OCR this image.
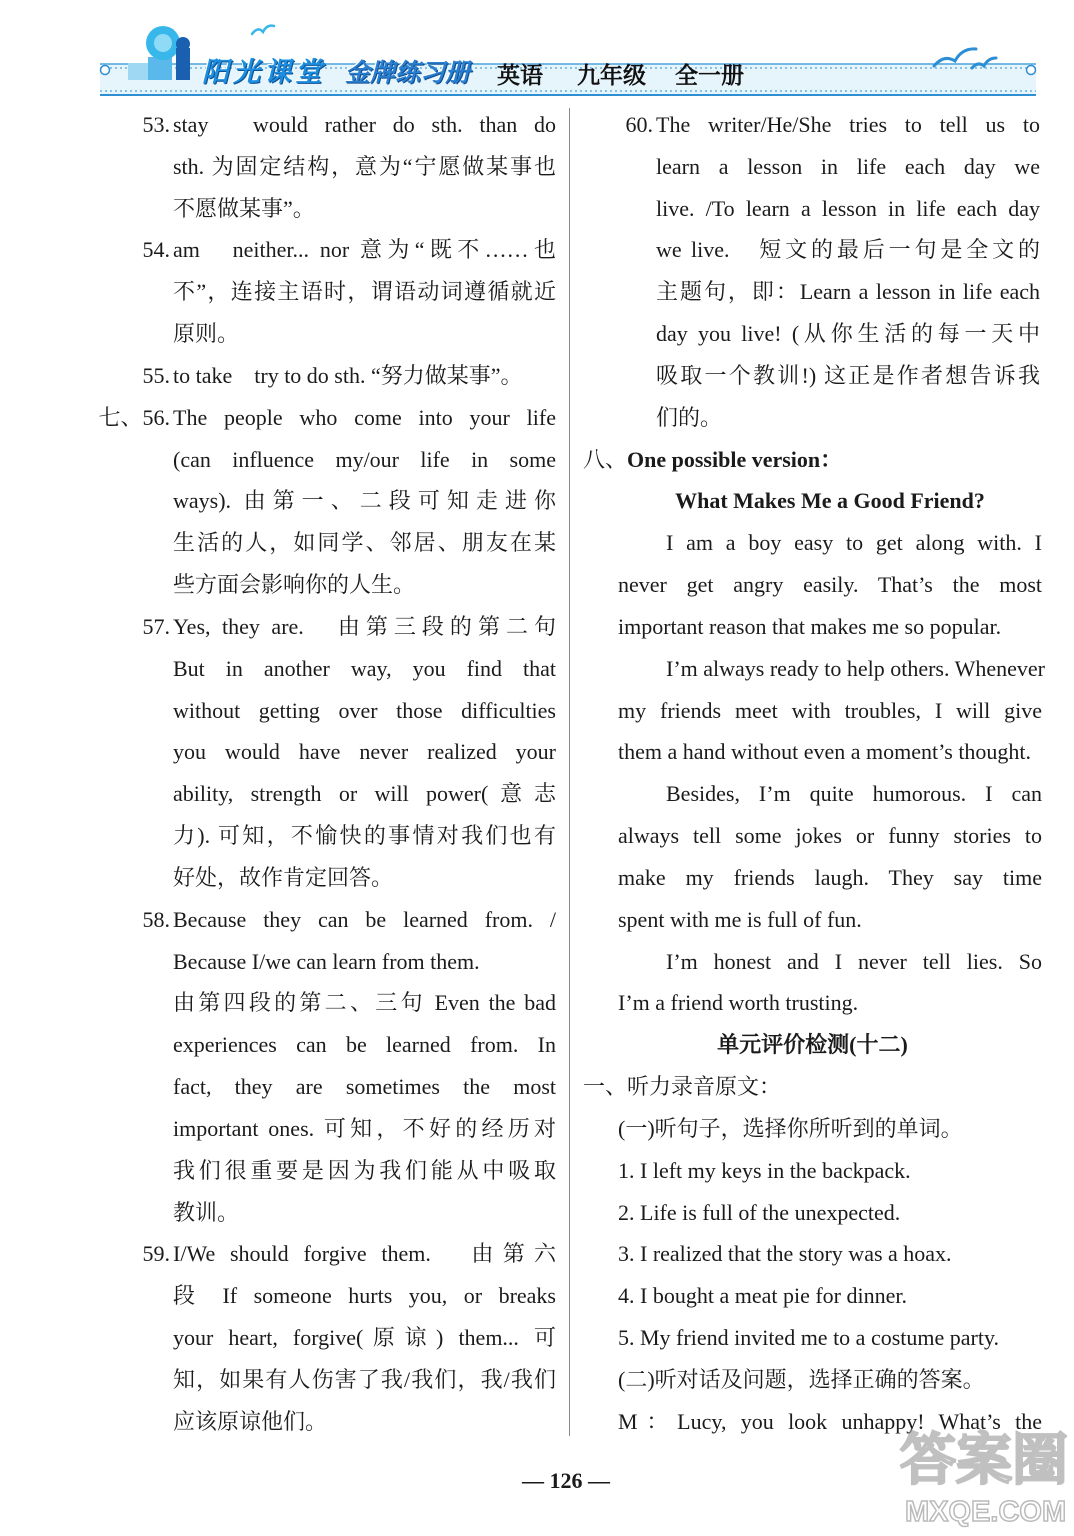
阳光课堂 金牌练习册 英语 九年级 全一册
53. stay　would rather do sth. than do
sth. 为固定结构，意为“宁愿做某事也
不愿做某事”。
54. am　neither... nor 意为“既不……也
不”，连接主语时，谓语动词遵循就近
原则。
55. to take　try to do sth. “努力做某事”。
七、56. The people who come into your life
(can influence my/our life in some
ways). 由第一、二段可知走进你
生活的人，如同学、邻居、朋友在某
些方面会影响你的人生。
57. Yes, they are.　由第三段的第二句
But in another way, you find that
without getting over those difficulties
you would have never realized your
ability, strength or will power(意志
力). 可知，不愉快的事情对我们也有
好处，故作肯定回答。
58. Because they can be learned from. /
Because I/we can learn from them.
由第四段的第二、三句 Even the bad
experiences can be learned from. In
fact, they are sometimes the most
important ones. 可知，不好的经历对
我们很重要是因为我们能从中吸取
教训。
59. I/We should forgive them.　由第六
段 If someone hurts you, or breaks
your heart, forgive(原谅) them... 可
知，如果有人伤害了我/我们，我/我们
应该原谅他们。
60. The writer/He/She tries to tell us to
learn a lesson in life each day we
live. /To learn a lesson in life each day
we live.　短文的最后一句是全文的
主题句，即：Learn a lesson in life each
day you live! (从你生活的每一天中
吸取一个教训!) 这正是作者想告诉我
们的。
八、One possible version：
What Makes Me a Good Friend?
I am a boy easy to get along with. I
never get angry easily. That’s the most
important reason that makes me so popular.
I’m always ready to help others. Whenever
my friends meet with troubles, I will give
them a hand without even a moment’s thought.
Besides, I’m quite humorous. I can
always tell some jokes or funny stories to
make my friends laugh. They say time
spent with me is full of fun.
I’m honest and I never tell lies. So
I’m a friend worth trusting.
单元评价检测(十二)
一、听力录音原文：
(一)听句子，选择你所听到的单词。
1. I left my keys in the backpack.
2. Life is full of the unexpected.
3. I realized that the story was a hoax.
4. I bought a meat pie for dinner.
5. My friend invited me to a costume party.
(二)听对话及问题，选择正确的答案。
M：Lucy, you look unhappy! What’s the
— 126 —	答案圈
MXQE.COM
